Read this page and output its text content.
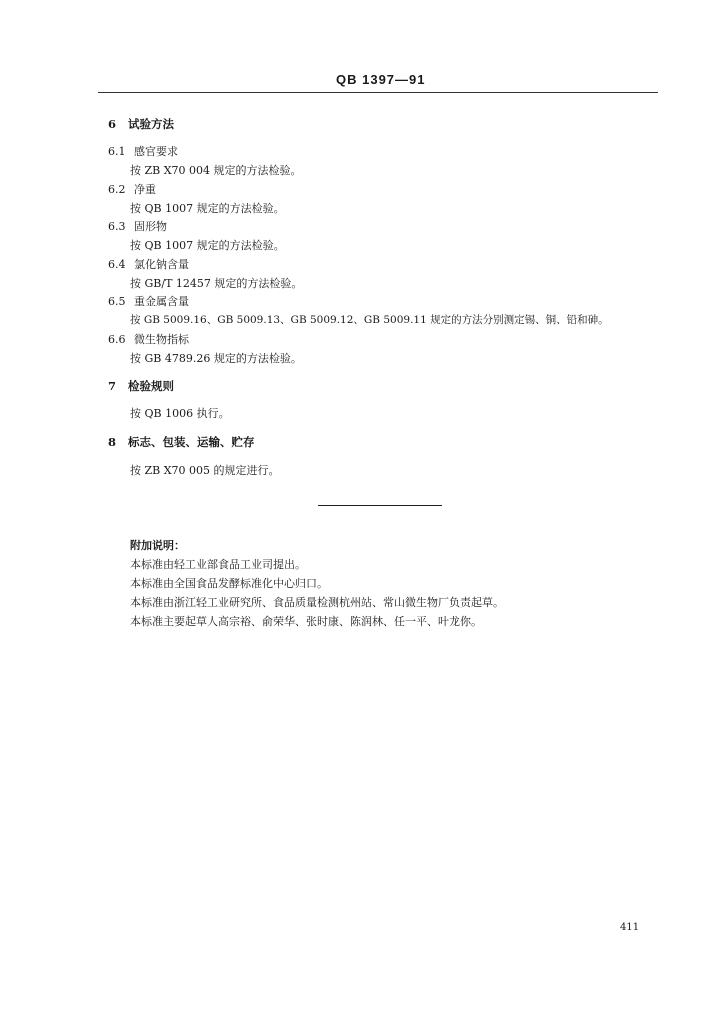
QB 1397—91
6 试验方法
6.1 感官要求
按 ZB X70 004 规定的方法检验。
6.2 净重
按 QB 1007 规定的方法检验。
6.3 固形物
按 QB 1007 规定的方法检验。
6.4 氯化钠含量
按 GB/T 12457 规定的方法检验。
6.5 重金属含量
按 GB 5009.16、GB 5009.13、GB 5009.12、GB 5009.11 规定的方法分别测定锡、铜、铅和砷。
6.6 微生物指标
按 GB 4789.26 规定的方法检验。
7 检验规则
按 QB 1006 执行。
8 标志、包装、运输、贮存
按 ZB X70 005 的规定进行。
附加说明：
本标准由轻工业部食品工业司提出。
本标准由全国食品发酵标准化中心归口。
本标准由浙江轻工业研究所、食品质量检测杭州站、常山微生物厂负责起草。
本标准主要起草人高宗裕、俞荣华、张时康、陈润林、任一平、叶龙你。
411
